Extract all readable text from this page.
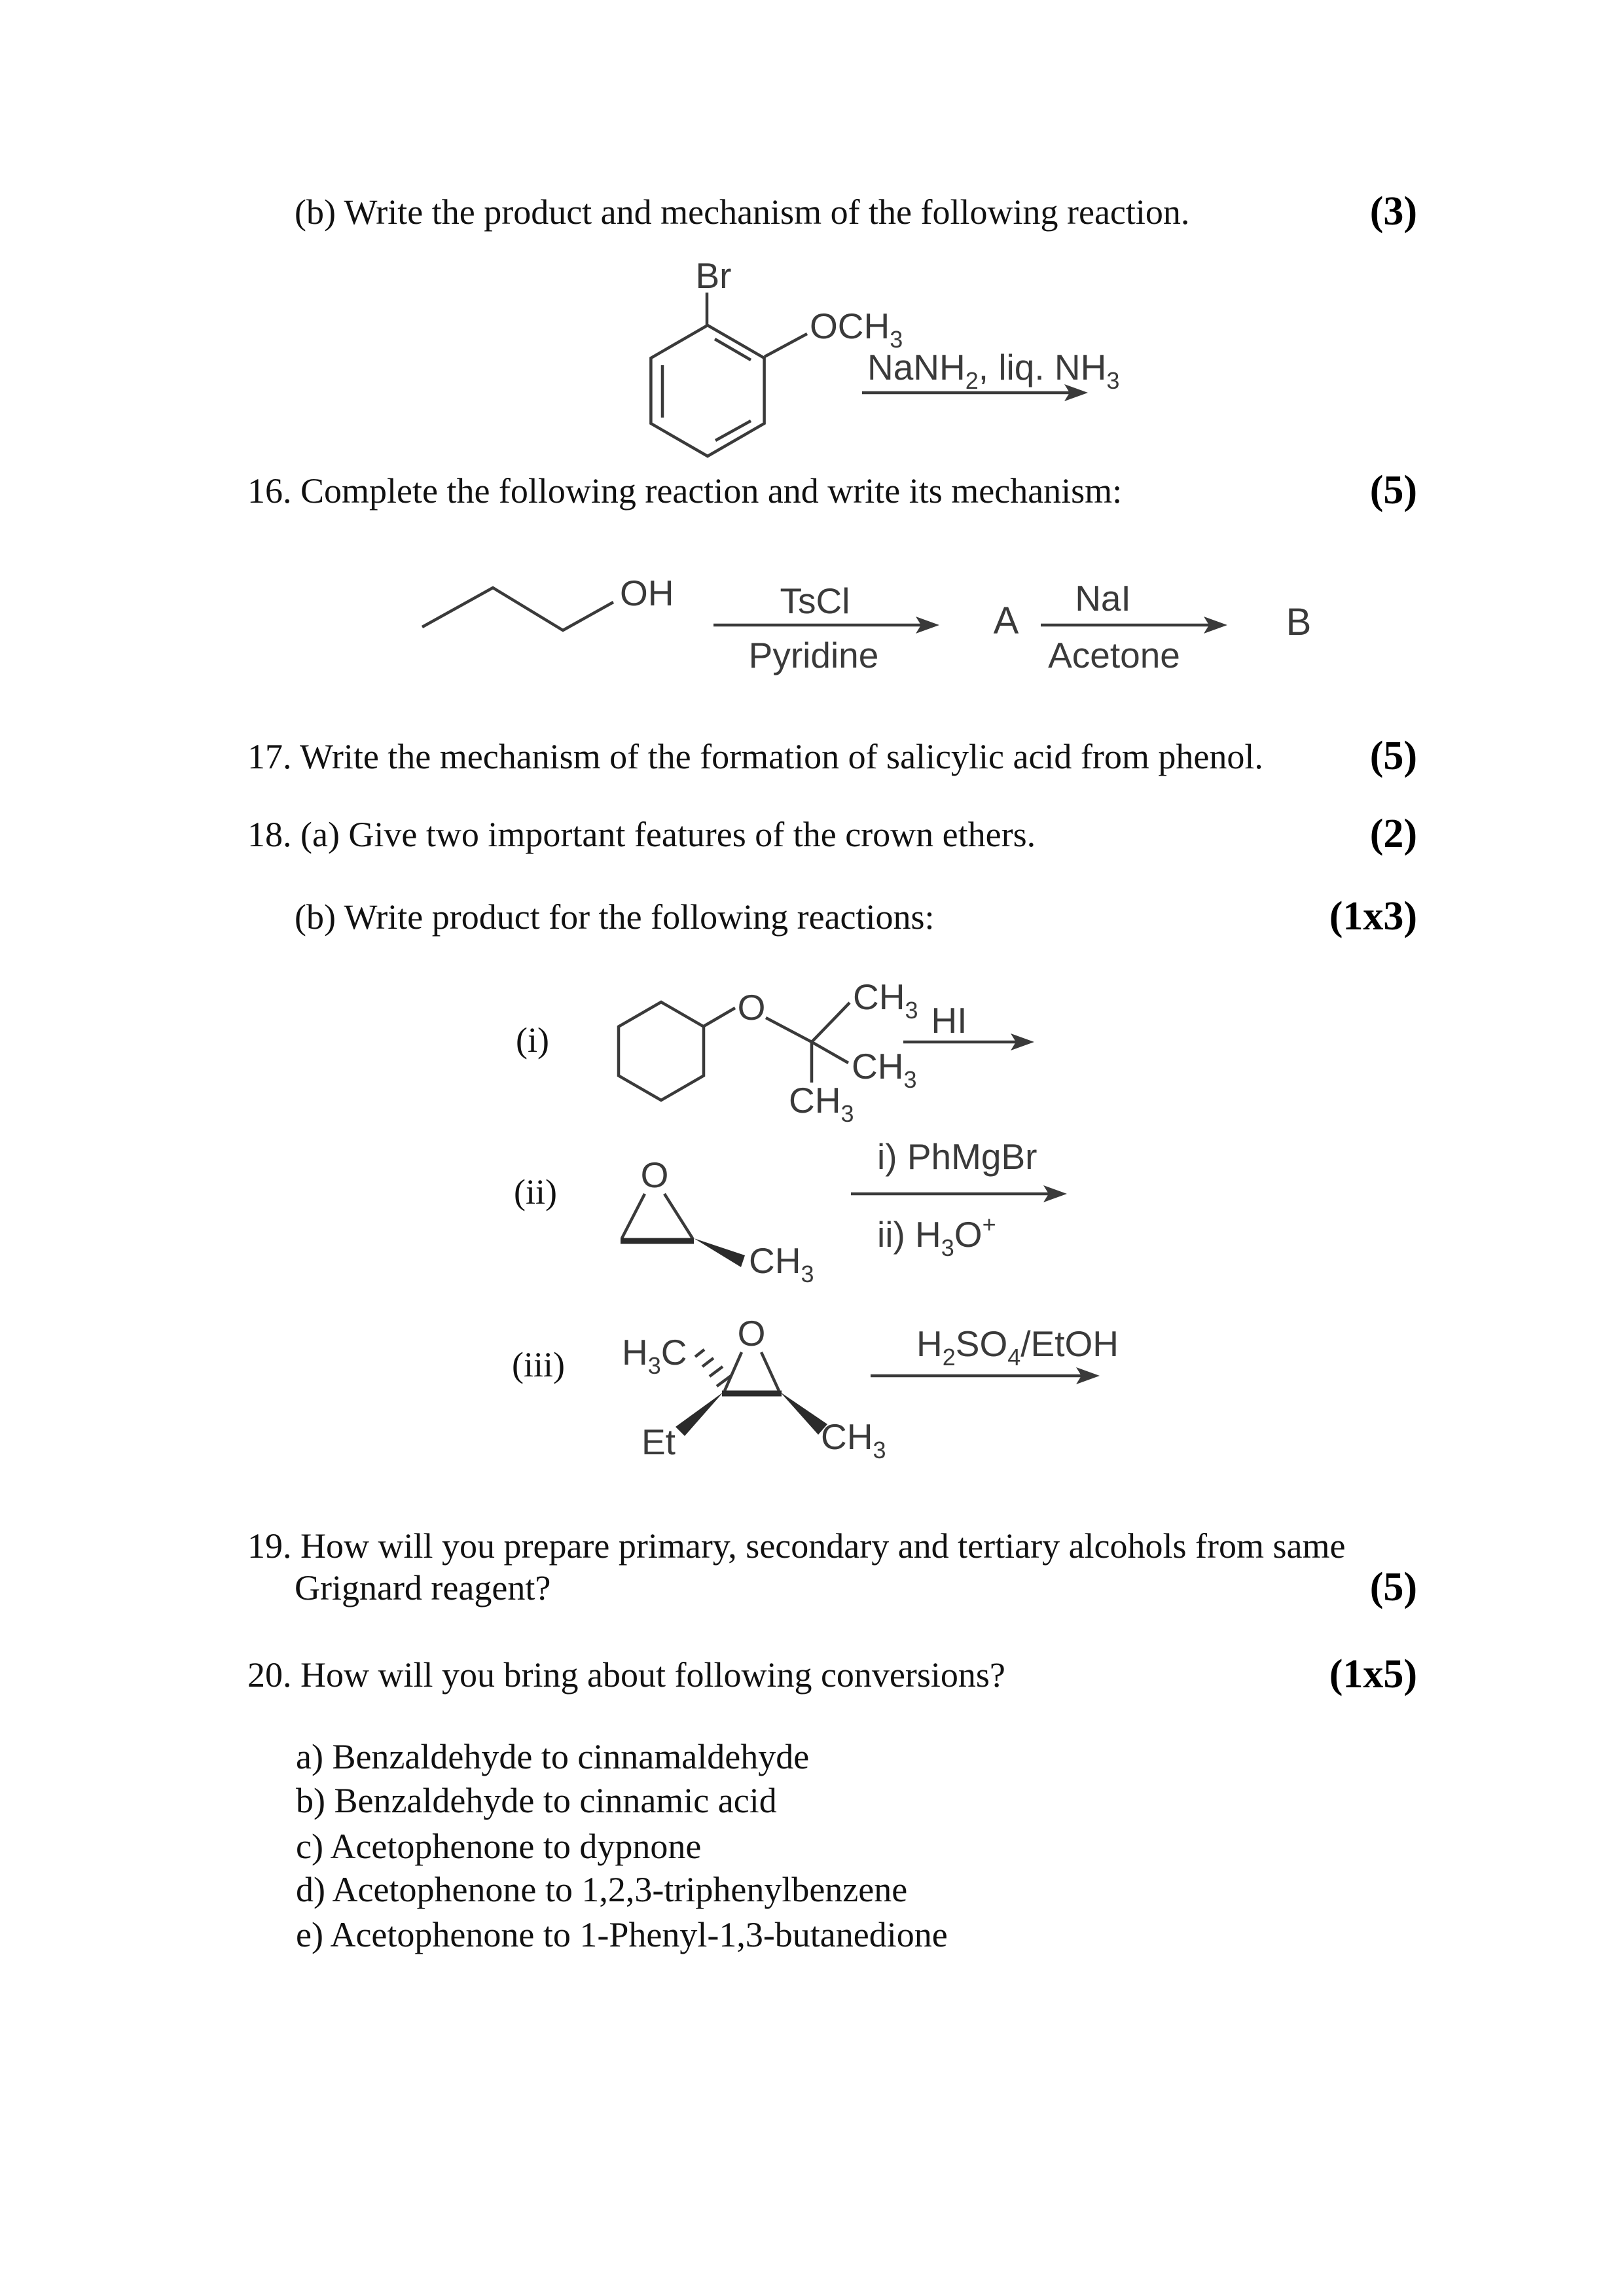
(b) Write the product and mechanism of the following reaction.	(3)
16. Complete the following reaction and write its mechanism:	(5)
17. Write the mechanism of the formation of salicylic acid from phenol.	(5)
18. (a) Give two important features of the crown ethers.	(2)
(b) Write product for the following reactions:	(1x3)
19. How will you prepare primary, secondary and tertiary alcohols from same
Grignard reagent?	(5)
20. How will you bring about following conversions?	(1x5)
a) Benzaldehyde to cinnamaldehyde
b) Benzaldehyde to cinnamic acid
c) Acetophenone to dypnone
d) Acetophenone to 1,2,3-triphenylbenzene
e) Acetophenone to 1-Phenyl-1,3-butanedione
(i)
(ii)
(iii)
Br
OCH3
NaNH2, liq. NH3
OH	TsCl
Pyridine
A
NaI
Acetone
B
O CH3
CH3
CH3
HI
O
CH3
i) PhMgBr
ii) H3O+
H3C O
Et	CH3
H2SO4/EtOH
